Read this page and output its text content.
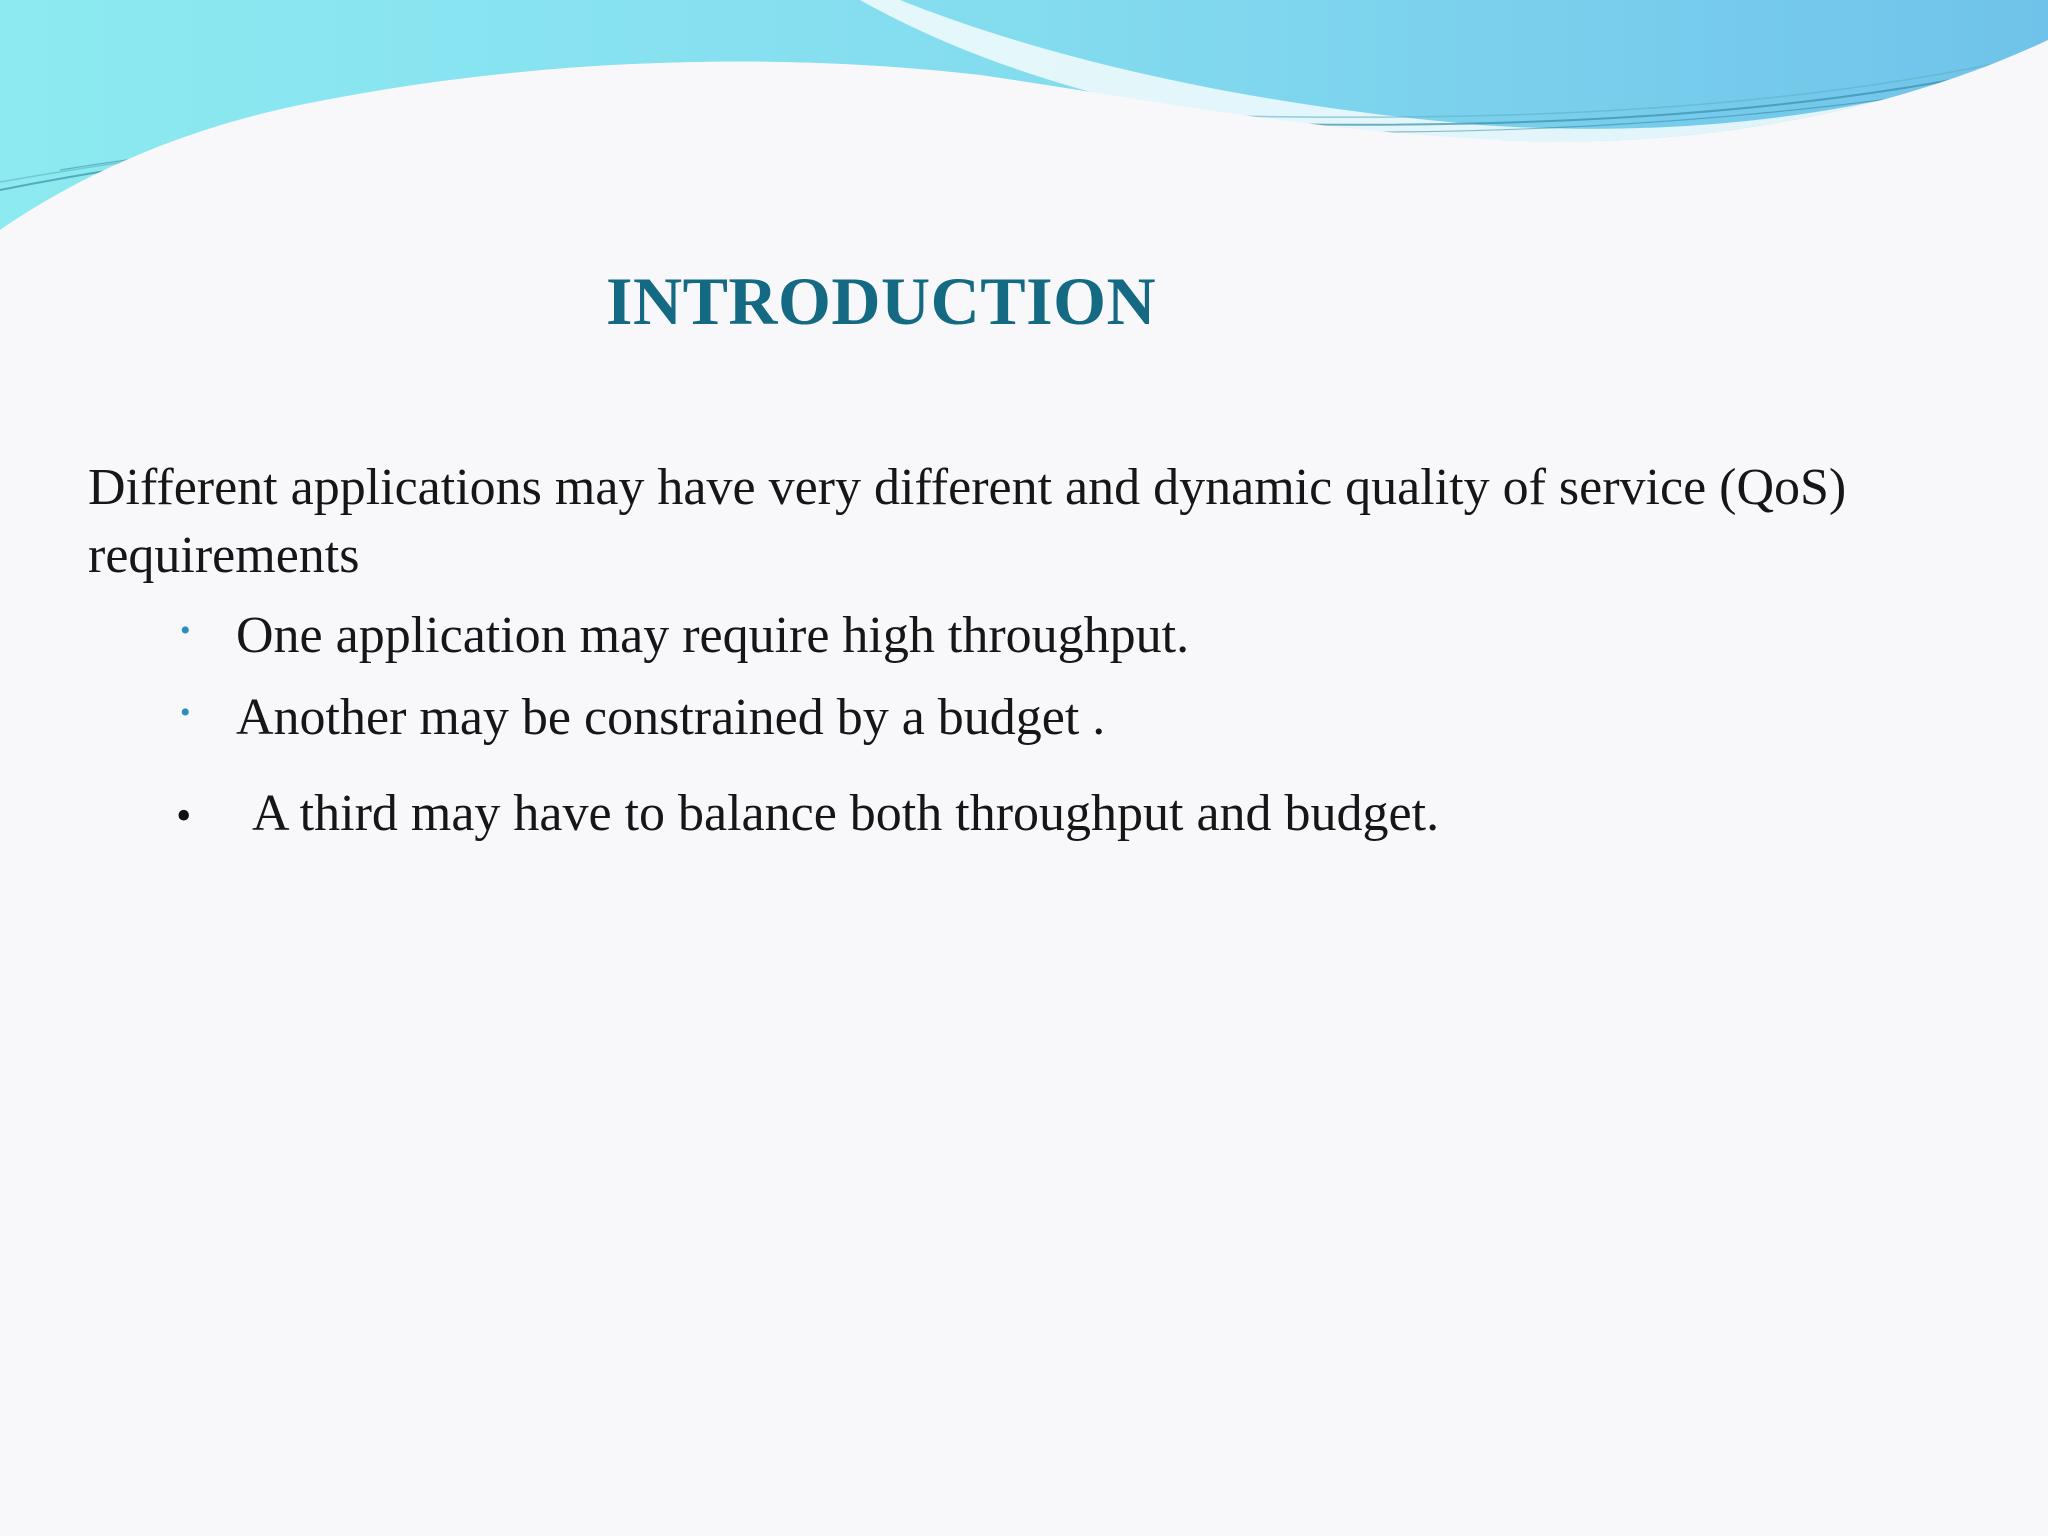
INTRODUCTION

Different applications may have very different and dynamic quality of service (QoS) requirements

• One application may require high throughput.
• Another may be constrained by a budget .
•	A third may have to balance both throughput and budget.
